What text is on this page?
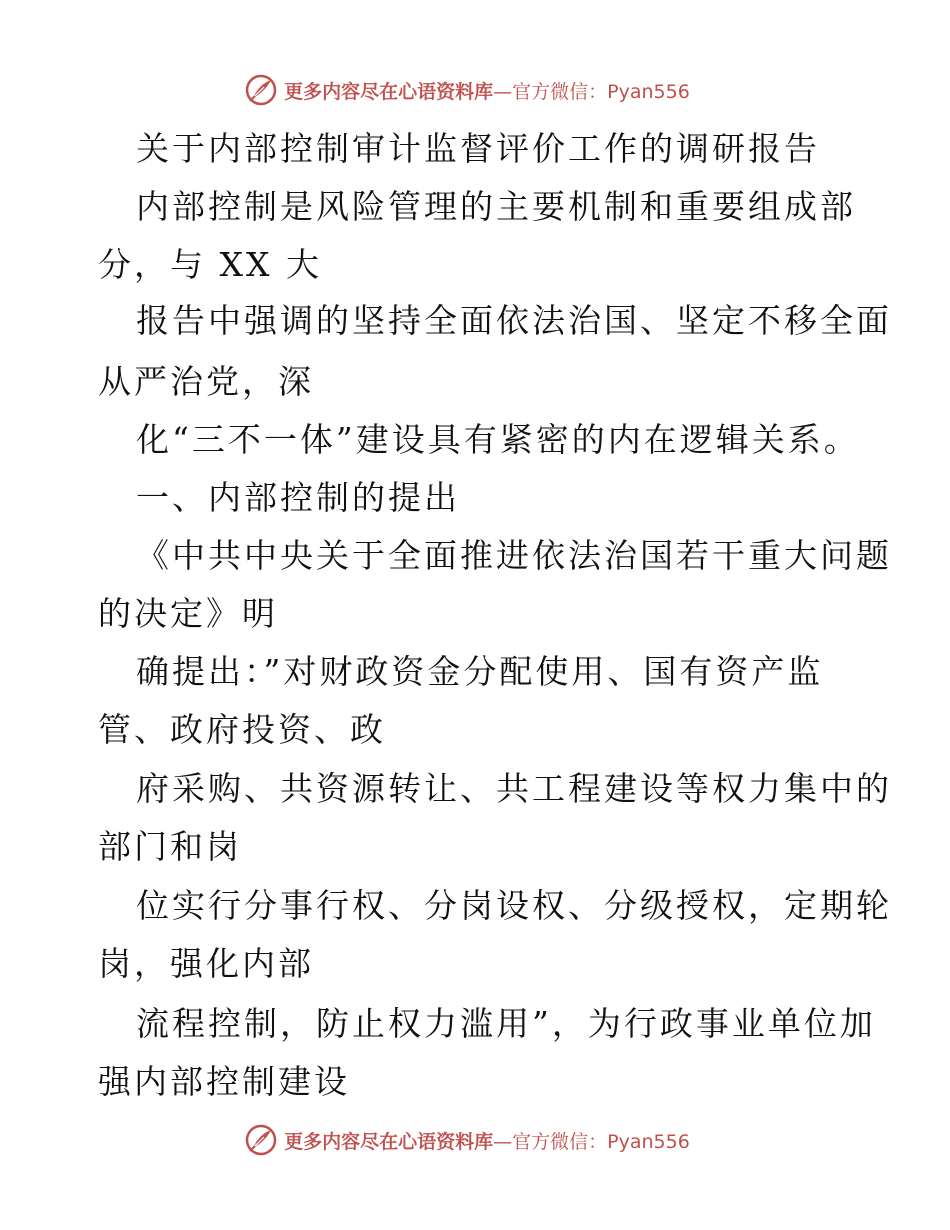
更多内容尽在心语资料库—官方微信：Pyan556
关于内部控制审计监督评价工作的调研报告
内部控制是风险管理的主要机制和重要组成部
分，与 XX 大
报告中强调的坚持全面依法治国、坚定不移全面
从严治党，深
化“三不一体”建设具有紧密的内在逻辑关系。
一、内部控制的提出
《中共中央关于全面推进依法治国若干重大问题
的决定》明
确提出：”对财政资金分配使用、国有资产监
管、政府投资、政
府采购、共资源转让、共工程建设等权力集中的
部门和岗
位实行分事行权、分岗设权、分级授权，定期轮
岗，强化内部
流程控制，防止权力滥用”，为行政事业单位加
强内部控制建设
更多内容尽在心语资料库—官方微信：Pyan556
